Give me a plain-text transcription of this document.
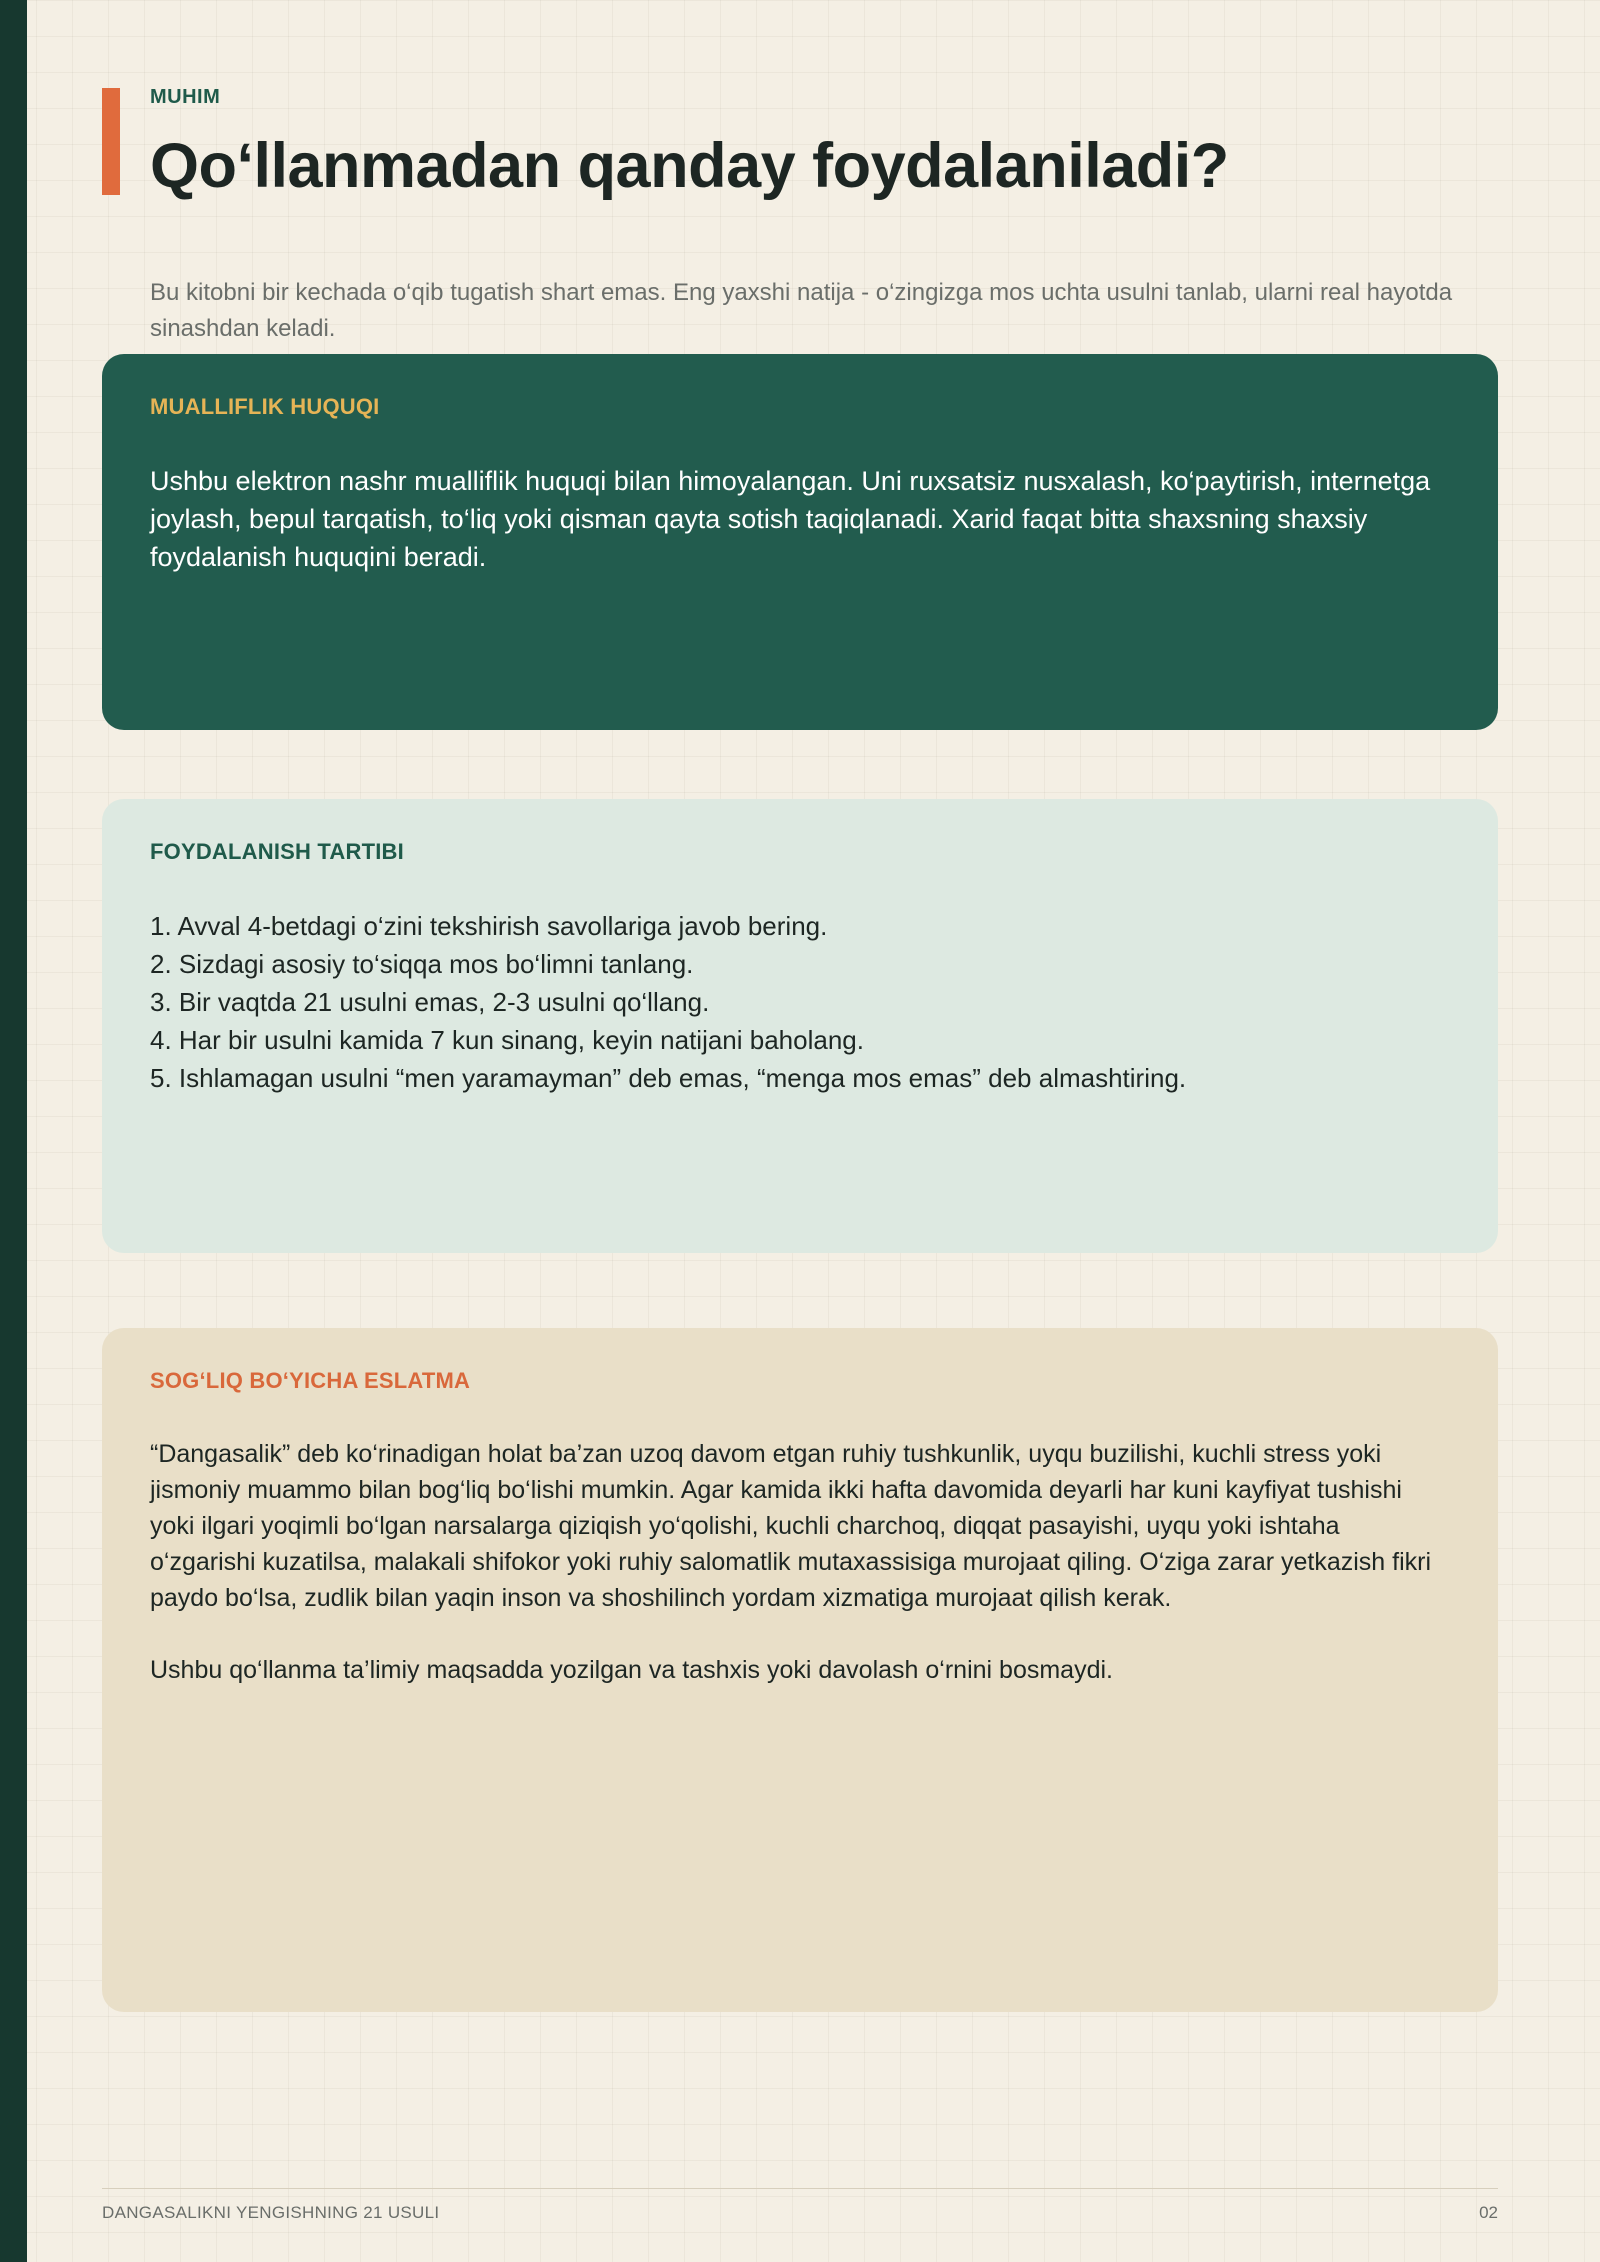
MUHIM

Qo‘llanmadan qanday foydalaniladi?

Bu kitobni bir kechada o‘qib tugatish shart emas. Eng yaxshi natija - o‘zingizga mos uchta usulni tanlab, ularni real hayotda sinashdan keladi.

MUALLIFLIK HUQUQI

Ushbu elektron nashr mualliflik huquqi bilan himoyalangan. Uni ruxsatsiz nusxalash, ko‘paytirish, internetga joylash, bepul tarqatish, to‘liq yoki qisman qayta sotish taqiqlanadi. Xarid faqat bitta shaxsning shaxsiy foydalanish huquqini beradi.

FOYDALANISH TARTIBI
1. Avval 4-betdagi o‘zini tekshirish savollariga javob bering.
2. Sizdagi asosiy to‘siqqa mos bo‘limni tanlang.
3. Bir vaqtda 21 usulni emas, 2-3 usulni qo‘llang.
4. Har bir usulni kamida 7 kun sinang, keyin natijani baholang.
5. Ishlamagan usulni “men yaramayman” deb emas, “menga mos emas” deb almashtiring.
SOG‘LIQ BO‘YICHA ESLATMA

“Dangasalik” deb ko‘rinadigan holat ba’zan uzoq davom etgan ruhiy tushkunlik, uyqu buzilishi, kuchli stress yoki jismoniy muammo bilan bog‘liq bo‘lishi mumkin. Agar kamida ikki hafta davomida deyarli har kuni kayfiyat tushishi yoki ilgari yoqimli bo‘lgan narsalarga qiziqish yo‘qolishi, kuchli charchoq, diqqat pasayishi, uyqu yoki ishtaha o‘zgarishi kuzatilsa, malakali shifokor yoki ruhiy salomatlik mutaxassisiga murojaat qiling. O‘ziga zarar yetkazish fikri paydo bo‘lsa, zudlik bilan yaqin inson va shoshilinch yordam xizmatiga murojaat qilish kerak.

Ushbu qo‘llanma ta’limiy maqsadda yozilgan va tashxis yoki davolash o‘rnini bosmaydi.

DANGASALIKNI YENGISHNING 21 USULI	02
